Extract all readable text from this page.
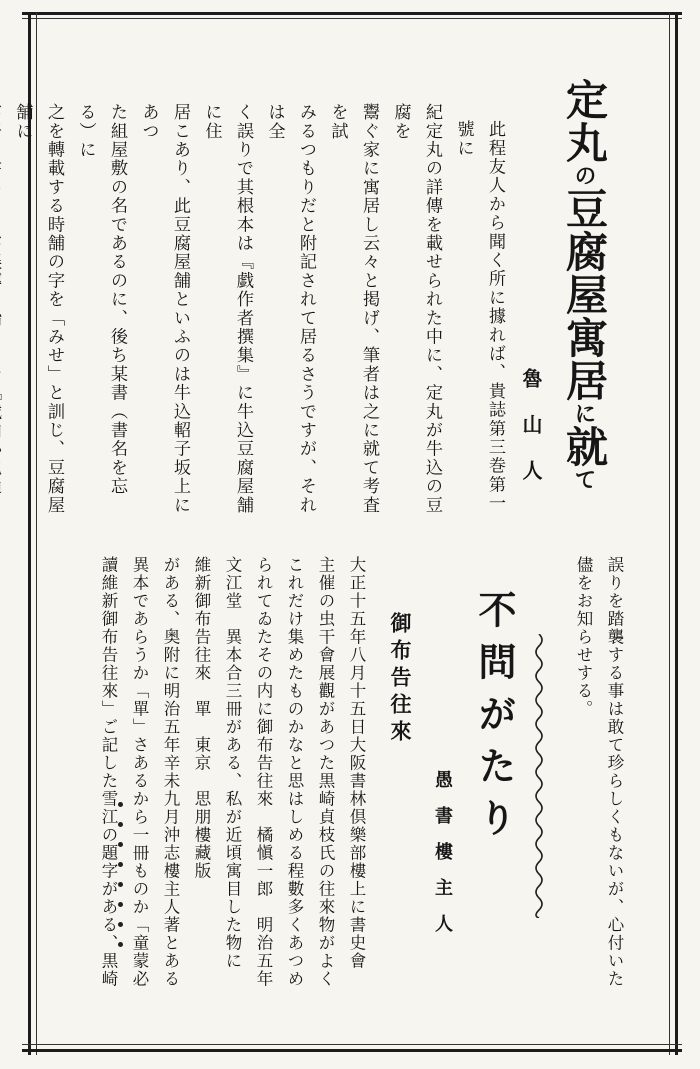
定丸の豆腐屋寓居に就て
魯山人
此程友人から聞く所に據れば、貴誌第三巻第一號に
紀定丸の詳傳を載せられた中に、定丸が牛込の豆腐を
鬻ぐ家に寓居し云々と掲げ、筆者は之に就て考査を試
みるつもりだと附記されて居るさうですが、それは全
く誤りで其根本は『戯作者撰集』に牛込豆腐屋舗に住
居こあり、此豆腐屋舗といふのは牛込軺子坂上にあつ
た組屋敷の名であるのに、後ち某書（書名を忘る）に
之を轉載する時舗の字を「みせ」と訓じ、豆腐屋舗に
誤りを踏襲する事は敢て珍らしくもないが、心付いた
儘をお知らせする。
不問がたり
愚書樓主人
御布告往來
大正十五年八月十五日大阪書林倶樂部樓上に書史會
主催の虫干會展觀があつた黒崎貞枝氏の往來物がよく
これだけ集めたものかなと思はしめる程數多くあつめ
られてゐたその内に御布告往來　橘愼一郎　明治五年
文江堂　異本合三冊がある、私が近頃寓目した物に
維新御布告往來　單　東京　思朋樓藏版
がある、奥附に明治五年辛未九月沖志樓主人著とある
異本であらうか「單」さあるから一冊ものか「童蒙必
讀維新御布告往來」ご記した雪江の題字がある、黒崎
